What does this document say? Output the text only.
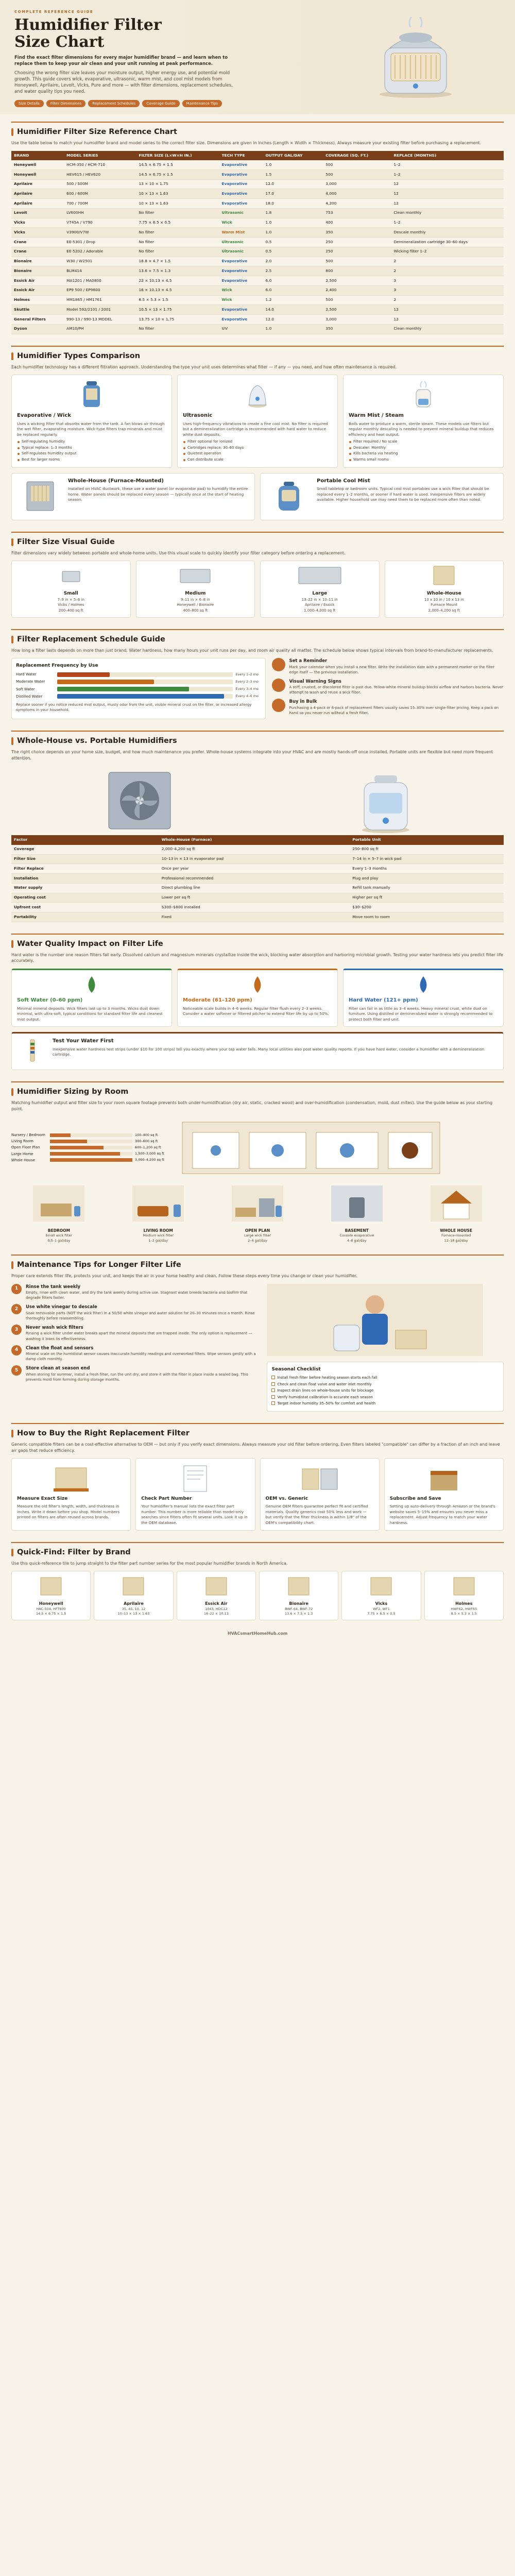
COMPLETE REFERENCE GUIDE
Humidifier Filter
Size Chart
Find the exact filter dimensions for every major humidifier brand — and learn when to replace them to keep your air clean and your unit running at peak performance.
Choosing the wrong filter size leaves your moisture output, higher energy use, and potential mold growth. This guide covers wick, evaporative, ultrasonic, warm mist, and cool mist models from Honeywell, Aprilaire, Levoit, Vicks, Pure and more — with filter dimensions, replacement schedules, and water quality tips you need.
Size Details	Filter Dimensions	Replacement Schedules	Coverage Guide	Maintenance Tips
Humidifier Filter Size Reference Chart
Use the table below to match your humidifier brand and model series to the correct filter size. Dimensions are given in inches (Length × Width × Thickness). Always measure your existing filter before purchasing a replacement.
BRAND	MODEL SERIES	FILTER SIZE (L×W×H IN.)	TECH TYPE	OUTPUT GAL/DAY	COVERAGE (SQ. FT.)	REPLACE (MONTHS)
Honeywell	HCM-350 / HCM-710	14.5 × 6.75 × 1.5	Evaporative	1.0	500	1–2
Honeywell	HEV615 / HEV620	14.5 × 6.75 × 1.5	Evaporative	1.5	500	1–2
Aprilaire	500 / 500M	13 × 10 × 1.75	Evaporative	12.0	3,000	12
Aprilaire	600 / 600M	10 × 13 × 1.63	Evaporative	17.0	4,000	12
Aprilaire	700 / 700M	10 × 13 × 1.63	Evaporative	18.0	4,200	12
Levoit	LV600HH	No filter	Ultrasonic	1.8	753	Clean monthly
Vicks	V745A / V790	7.75 × 6.5 × 0.5	Wick	1.0	400	1–2
Vicks	V3900/V7W	No filter	Warm Mist	1.0	350	Descale monthly
Crane	EE-5301 / Drop	No filter	Ultrasonic	0.5	250	Demineralization cartridge 30–60 days
Crane	EE-5202 / Adorable	No filter	Ultrasonic	0.5	250	Wicking filter 1–2
Bionaire	W30 / W2501	18.8 × 4.7 × 1.5	Evaporative	2.0	500	2
Bionaire	BLM414	13.6 × 7.5 × 1.3	Evaporative	2.5	800	2
Essick Air	MA1201 / MA0800	22 × 10.13 × 4.5	Evaporative	6.0	2,500	3
Essick Air	EP9 500 / EP9800	16 × 10.13 × 4.5	Wick	6.0	2,400	3
Holmes	HM1865 / HM1761	8.5 × 5.3 × 1.5	Wick	1.2	500	2
Skuttle	Model 592/2101 / 2001	10.5 × 13 × 1.75	Evaporative	14.0	2,500	12
General Filters	990-13 / 990-13 MODEL	13.75 × 10 × 1.75	Evaporative	12.0	3,000	12
Dyson	AM10/PH	No filter	UV	1.0	350	Clean monthly
Humidifier Types Comparison
Each humidifier technology has a different filtration approach. Understanding the type your unit uses determines what filter — if any — you need, and how often maintenance is required.
Evaporative / Wick

Uses a wicking filter that absorbs water from the tank. A fan blows air through the wet filter, evaporating moisture. Wick-type filters trap minerals and must be replaced regularly.

Self-regulating humidity
Typical replace: 1–3 months
Self-regulates humidity output
Best for larger rooms
Ultrasonic

Uses high-frequency vibrations to create a fine cool mist. No filter is required but a demineralization cartridge is recommended with hard water to reduce white dust deposits.

Filter optional for ionized
Cartridges replace: 30–60 days
Quietest operation
Can distribute scale
Warm Mist / Steam

Boils water to produce a warm, sterile steam. These models use filters but regular monthly descaling is needed to prevent mineral buildup that reduces efficiency and heat output.

Filter required / No scale
Descaler: Monthly
Kills bacteria via heating
Warms small rooms
Whole-House (Furnace-Mounted)

Installed on HVAC ductwork, these use a water panel (or evaporator pad) to humidify the entire home. Water panels should be replaced every season — typically once at the start of heating season.

Portable Cool Mist

Small tabletop or bedroom units. Typical cool mist portables use a wick filter that should be replaced every 1–2 months, or sooner if hard water is used. Inexpensive filters are widely available. Higher household use may need them to be replaced more often than noted.

Filter Size Visual Guide
Filter dimensions vary widely between portable and whole-home units. Use this visual scale to quickly identify your filter category before ordering a replacement.
Small
7–9 in × 5–6 in
Vicks / Holmes
200–400 sq ft
Medium
9–11 in × 6–8 in
Honeywell / Bionaire
400–800 sq ft
Large
13–22 in × 10–11 in
Aprilaire / Essick
1,000–4,000 sq ft
Whole-House
13 x 10 in / 10 x 13 in
Furnace Mount
2,000–4,200 sq ft
Filter Replacement Schedule Guide
How long a filter lasts depends on more than just brand. Water hardness, how many hours your unit runs per day, and room air quality all matter. The schedule below shows typical intervals from brand-to-manufacturer replacements.
Replacement Frequency by Use
Hard Water	Every 1–2 mo
Moderate Water	Every 2–3 mo
Soft Water	Every 3–4 mo
Distilled Water	Every 4–6 mo

Replace sooner if you notice reduced mist output, musty odor from the unit, visible mineral crust on the filter, or increased allergy symptoms in your household.

Set a Reminder

Mark your calendar when you install a new filter. Write the installation date with a permanent marker on the filter edge itself — the previous installation.

Visual Warning Signs

A stiff, crusted, or discolored filter is past due. Yellow-white mineral buildup blocks airflow and harbors bacteria. Never attempt to wash and reuse a wick filter.

Buy in Bulk

Purchasing a 4-pack or 6-pack of replacement filters usually saves 15–30% over single-filter pricing. Keep a pack on hand so you never run without a fresh filter.

Whole-House vs. Portable Humidifiers
The right choice depends on your home size, budget, and how much maintenance you prefer. Whole-house systems integrate into your HVAC and are mostly hands-off once installed. Portable units are flexible but need more frequent attention.
Factor	Whole-House (Furnace)	Portable Unit
Coverage	2,000–4,200 sq ft	250–800 sq ft
Filter Size	10–13 in × 13 in evaporator pad	7–14 in × 5–7 in wick pad
Filter Replace	Once per year	Every 1–3 months
Installation	Professional recommended	Plug and play
Water supply	Direct plumbing line	Refill tank manually
Operating cost	Lower per sq ft	Higher per sq ft
Upfront cost	$300–$800 installed	$30–$200
Portability	Fixed	Move room to room
Water Quality Impact on Filter Life
Hard water is the number one reason filters fail early. Dissolved calcium and magnesium minerals crystallize inside the wick, blocking water absorption and harboring microbial growth. Testing your water hardness lets you predict filter life accurately.
Soft Water (0–60 ppm)

Minimal mineral deposits. Wick filters last up to 3 months. Wicks dust down minimal, with ultra-soft, typical conditions for standard filter life and cleanest mist output.

Moderate (61–120 ppm)

Noticeable scale builds in 4–6 weeks. Regular filter flush every 2–3 weeks. Consider a water softener or filtered pitcher to extend filter life by up to 50%.

Hard Water (121+ ppm)

Filter can fail in as little as 3–4 weeks. Heavy mineral crust, white dust on furniture. Using distilled or demineralized water is strongly recommended to protect both filter and unit.

Test Your Water First

Inexpensive water hardness test strips (under $10 for 100 strips) tell you exactly where your tap water falls. Many local utilities also post water quality reports. If you have hard water, consider a humidifier with a demineralization cartridge.

Humidifier Sizing by Room
Matching humidifier output and filter size to your room square footage prevents both under-humidification (dry air, static, cracked wood) and over-humidification (condensation, mold, dust mites). Use the guide below as your starting point.
Nursery / Bedroom	100–400 sq ft
Living Room	300–600 sq ft
Open Floor Plan	600–1,200 sq ft
Large Home	1,500–3,000 sq ft
Whole House	3,000–4,200 sq ft
BEDROOM
Small wick filter
0.5–1 gal/day
LIVING ROOM
Medium wick filter
1–2 gal/day
OPEN PLAN
Large wick filter
2–4 gal/day
BASEMENT
Console evaporative
4–6 gal/day
WHOLE HOUSE
Furnace-mounted
12–18 gal/day
Maintenance Tips for Longer Filter Life
Proper care extends filter life, protects your unit, and keeps the air in your home healthy and clean. Follow these steps every time you change or clean your humidifier.
1	Rinse the tank weekly

Empty, rinse with clean water, and dry the tank weekly during active use. Stagnant water breeds bacteria and biofilm that degrade filters faster.

2	Use white vinegar to descale

Soak removable parts (NOT the wick filter) in a 50/50 white vinegar and water solution for 20–30 minutes once a month. Rinse thoroughly before reassembling.

3	Never wash wick filters

Rinsing a wick filter under water breaks apart the mineral deposits that are trapped inside. The only option is replacement — washing it loses its effectiveness.

4	Clean the float and sensors

Mineral scale on the humidistat sensor causes inaccurate humidity readings and overworked filters. Wipe sensors gently with a damp cloth monthly.

5	Store clean at season end

When storing for summer, install a fresh filter, run the unit dry, and store it with the filter in place inside a sealed bag. This prevents mold from forming during storage months.

Seasonal Checklist
Install fresh filter before heating season starts each fall
Check and clean float valve and water inlet monthly
Inspect drain lines on whole-house units for blockage
Verify humidistat calibration is accurate each season
Target indoor humidity 35–50% for comfort and health
How to Buy the Right Replacement Filter
Generic compatible filters can be a cost-effective alternative to OEM — but only if you verify exact dimensions. Always measure your old filter before ordering. Even filters labeled "compatible" can differ by a fraction of an inch and leave air gaps that reduce efficiency.
Measure Exact Size

Measure the old filter's length, width, and thickness in inches. Write it down before you shop. Model numbers printed on filters are often reused across brands.

Check Part Number

Your humidifier's manual lists the exact filter part number. This number is more reliable than model-only searches since filters often fit several units. Look it up in the OEM database.

OEM vs. Generic

Genuine OEM filters guarantee perfect fit and certified materials. Quality generics cost 50% less and work — but verify that the filter thickness is within 1/8" of the OEM's compatibility chart.

Subscribe and Save

Setting up auto-delivery through Amazon or the brand's website saves 5–15% and ensures you never miss a replacement. Adjust frequency to match your water hardness.

Quick-Find: Filter by Brand
Use this quick-reference tile to jump straight to the filter part number series for the most popular humidifier brands in North America.
Honeywell
HAC-504, HFT600
14.5 × 6.75 × 1.5
Aprilaire
35, 45, 10, 12
10–13 × 13 × 1.63
Essick Air
1043, HDC12
16–22 × 10.13
Bionaire
BWF-64, BWF-72
13.6 × 7.5 × 1.3
Vicks
WF2, WF1
7.75 × 6.5 × 0.5
Holmes
HWF62, HWF65
8.5 × 5.3 × 1.5
HVACsmartHomeHub.com
